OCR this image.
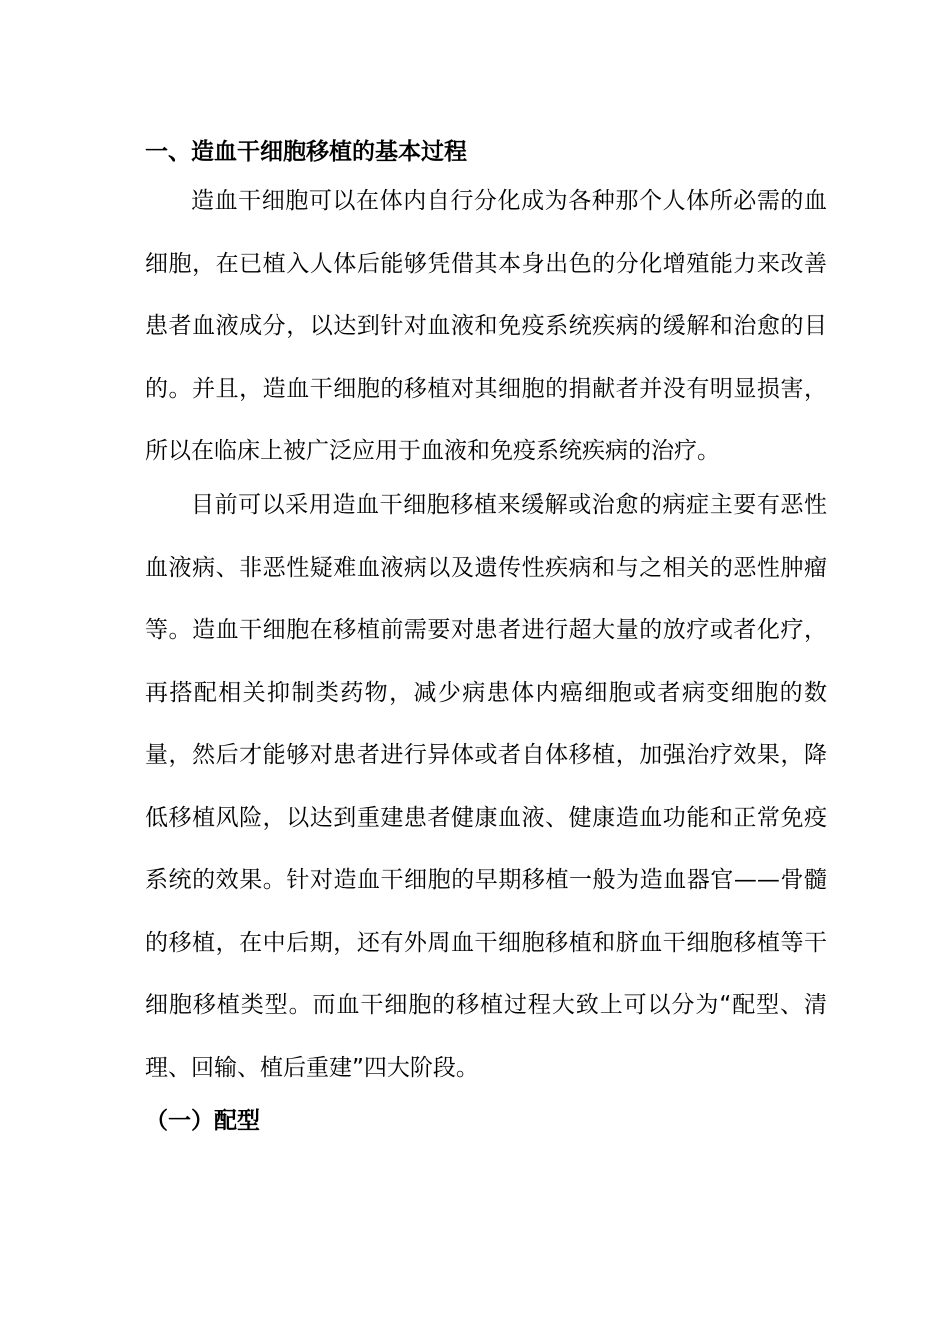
一、造血干细胞移植的基本过程

造血干细胞可以在体内自行分化成为各种那个人体所必需的血细胞，在已植入人体后能够凭借其本身出色的分化增殖能力来改善患者血液成分，以达到针对血液和免疫系统疾病的缓解和治愈的目的。并且，造血干细胞的移植对其细胞的捐献者并没有明显损害，所以在临床上被广泛应用于血液和免疫系统疾病的治疗。

目前可以采用造血干细胞移植来缓解或治愈的病症主要有恶性血液病、非恶性疑难血液病以及遗传性疾病和与之相关的恶性肿瘤等。造血干细胞在移植前需要对患者进行超大量的放疗或者化疗，再搭配相关抑制类药物，减少病患体内癌细胞或者病变细胞的数量，然后才能够对患者进行异体或者自体移植，加强治疗效果，降低移植风险，以达到重建患者健康血液、健康造血功能和正常免疫系统的效果。针对造血干细胞的早期移植一般为造血器官——骨髓的移植，在中后期，还有外周血干细胞移植和脐血干细胞移植等干细胞移植类型。而血干细胞的移植过程大致上可以分为“配型、清理、回输、植后重建”四大阶段。

（一）配型
